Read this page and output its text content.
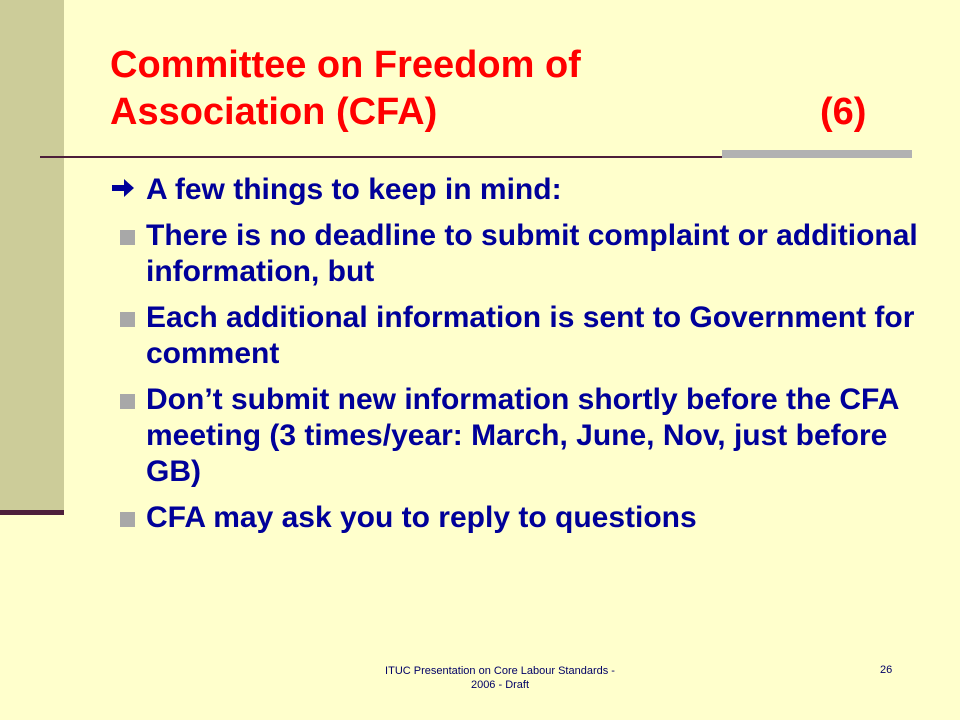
Committee on Freedom of
Association (CFA)	(6)
A few things to keep in mind:
There is no deadline to submit complaint or additional information, but
Each additional information is sent to Government for comment
Don’t submit new information shortly before the CFA meeting (3 times/year: March, June, Nov, just before GB)
CFA may ask you to reply to questions
ITUC Presentation on Core Labour Standards -
2006 - Draft
26
